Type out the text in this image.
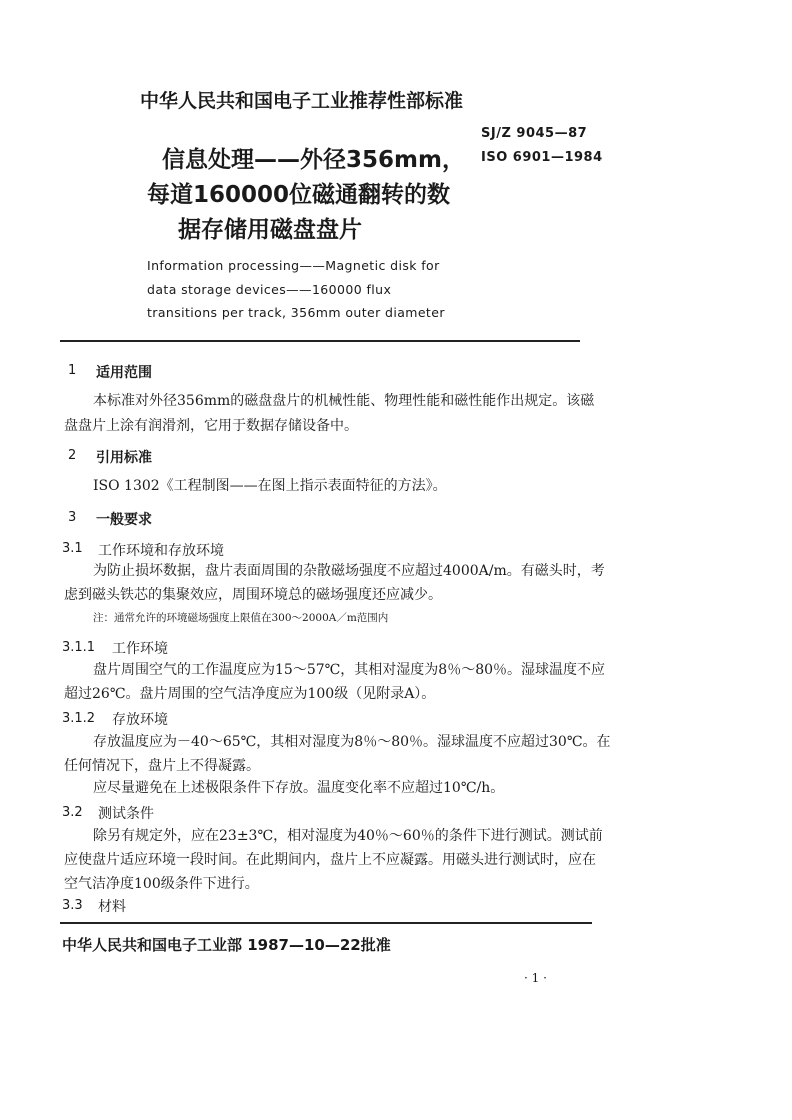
中华人民共和国电子工业推荐性部标准
SJ/Z 9045—87
ISO 6901—1984
信息处理——外径356mm，
每道160000位磁通翻转的数
据存储用磁盘盘片
Information processing——Magnetic disk for
data storage devices——160000 flux
transitions per track, 356mm outer diameter
1 适用范围
本标准对外径356mm的磁盘盘片的机械性能、物理性能和磁性能作出规定。该磁
盘盘片上涂有润滑剂，它用于数据存储设备中。
2 引用标准
ISO 1302《工程制图——在图上指示表面特征的方法》。
3 一般要求
3.1 工作环境和存放环境
为防止损坏数据，盘片表面周围的杂散磁场强度不应超过4000A/m。有磁头时，考
虑到磁头铁芯的集聚效应，周围环境总的磁场强度还应减少。
注：通常允许的环境磁场强度上限值在300～2000A／m范围内
3.1.1 工作环境
盘片周围空气的工作温度应为15～57℃，其相对湿度为8％～80％。湿球温度不应
超过26℃。盘片周围的空气洁净度应为100级（见附录A）。
3.1.2 存放环境
存放温度应为－40～65℃，其相对湿度为8％～80％。湿球温度不应超过30℃。在
任何情况下，盘片上不得凝露。
应尽量避免在上述极限条件下存放。温度变化率不应超过10℃/h。
3.2 测试条件
除另有规定外，应在23±3℃，相对湿度为40％～60％的条件下进行测试。测试前
应使盘片适应环境一段时间。在此期间内，盘片上不应凝露。用磁头进行测试时，应在
空气洁净度100级条件下进行。
3.3 材料
中华人民共和国电子工业部 1987—10—22批准
· 1 ·
